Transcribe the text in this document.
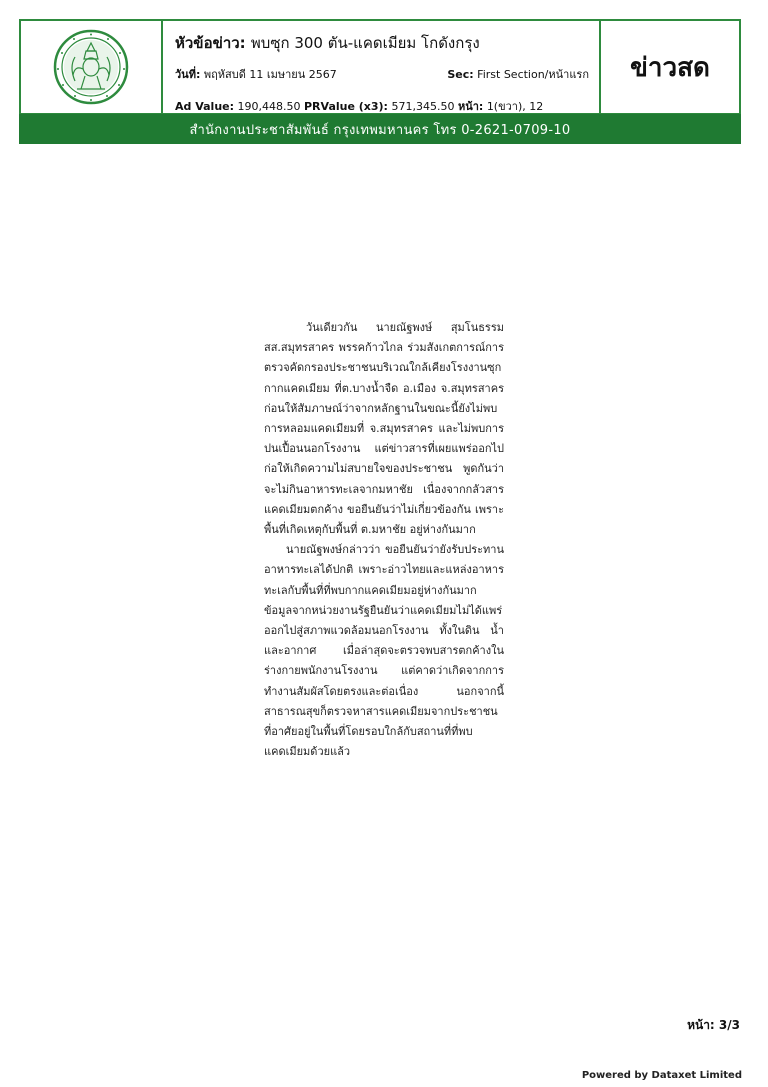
หัวข้อข่าว: พบซุก 300 ตัน-แคดเมียม โกดังกรุง
วันที่: พฤหัสบดี 11 เมษายน 2567	Sec: First Section/หน้าแรก
Ad Value: 190,448.50 PRValue (x3): 571,345.50 หน้า: 1(ขวา), 12
ข่าวสด
สำนักงานประชาสัมพันธ์ กรุงเทพมหานคร โทร 0-2621-0709-10

วันเดียวกัน นายณัฐพงษ์ สุมโนธรรม สส.สมุทรสาคร พรรคก้าวไกล ร่วมสังเกตการณ์การตรวจคัดกรองประชาชนบริเวณใกล้เคียงโรงงานซุกกากแคดเมียม ที่ต.บางน้ำจืด อ.เมือง จ.สมุทรสาคร ก่อนให้สัมภาษณ์ว่าจากหลักฐานในขณะนี้ยังไม่พบการหลอมแคดเมียมที่ จ.สมุทรสาคร และไม่พบการปนเปื้อนนอกโรงงาน แต่ข่าวสารที่เผยแพร่ออกไปก่อให้เกิดความไม่สบายใจของประชาชน พูดกันว่าจะไม่กินอาหารทะเลจากมหาชัย เนื่องจากกลัวสารแคดเมียมตกค้าง ขอยืนยันว่าไม่เกี่ยวข้องกัน เพราะพื้นที่เกิดเหตุกับพื้นที่ ต.มหาชัย อยู่ห่างกันมาก

นายณัฐพงษ์กล่าวว่า ขอยืนยันว่ายังรับประทานอาหารทะเลได้ปกติ เพราะอ่าวไทยและแหล่งอาหารทะเลกับพื้นที่ที่พบกากแคดเมียมอยู่ห่างกันมาก ข้อมูลจากหน่วยงานรัฐยืนยันว่าแคดเมียมไม่ได้แพร่ออกไปสู่สภาพแวดล้อมนอกโรงงาน ทั้งในดิน น้ำ และอากาศ เมื่อล่าสุดจะตรวจพบสารตกค้างในร่างกายพนักงานโรงงาน แต่คาดว่าเกิดจากการทำงานสัมผัสโดยตรงและต่อเนื่อง นอกจากนี้ สาธารณสุขก็ตรวจหาสารแคดเมียมจากประชาชนที่อาศัยอยู่ในพื้นที่โดยรอบใกล้กับสถานที่ที่พบแคดเมียมด้วยแล้ว

หน้า: 3/3
Powered by Dataxet Limited
